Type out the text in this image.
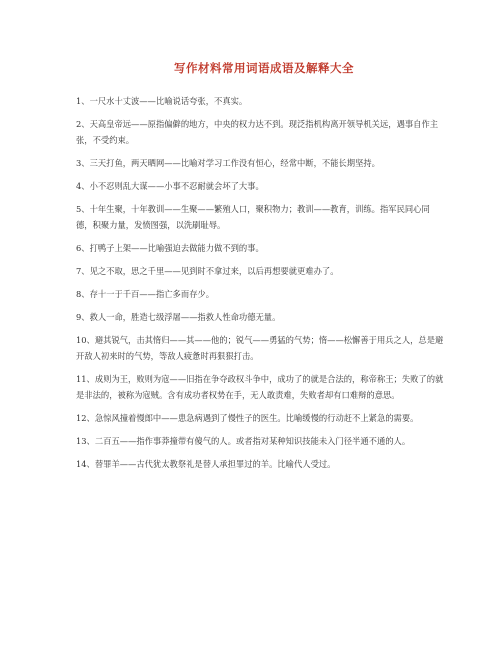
写作材料常用词语成语及解释大全
1、一尺水十丈波——比喻说话夸张，不真实。
2、天高皇帝远——原指偏僻的地方，中央的权力达不到。现泛指机构离开领导机关远，遇事自作主张，不受约束。
3、三天打鱼，两天晒网——比喻对学习工作没有恒心，经常中断，不能长期坚持。
4、小不忍则乱大谋——小事不忍耐就会坏了大事。
5、十年生聚，十年教训——生聚——繁殖人口，聚积物力；教训——教育，训练。指军民同心同德，积聚力量，发愤图强，以洗刷耻辱。
6、打鸭子上架——比喻强迫去做能力做不到的事。
7、见之不取，思之千里——见到时不拿过来，以后再想要就更难办了。
8、存十一于千百——指亡多而存少。
9、救人一命，胜造七级浮屠——指救人性命功德无量。
10、避其锐气，击其惰归——其——他的；锐气——勇猛的气势；惰——松懈善于用兵之人，总是避开敌人初来时的气势，等敌人疲惫时再狠狠打击。
11、成则为王，败则为寇——旧指在争夺政权斗争中，成功了的就是合法的，称帝称王；失败了的就是非法的，被称为寇贼。含有成功者权势在手，无人敢责难，失败者却有口难辩的意思。
12、急惊风撞着慢郎中——患急病遇到了慢性子的医生。比喻缓慢的行动赶不上紧急的需要。
13、二百五——指作事莽撞带有傻气的人。或者指对某种知识技能未入门径半通不通的人。
14、替罪羊——古代犹太教祭礼是替人承担罪过的羊。比喻代人受过。
